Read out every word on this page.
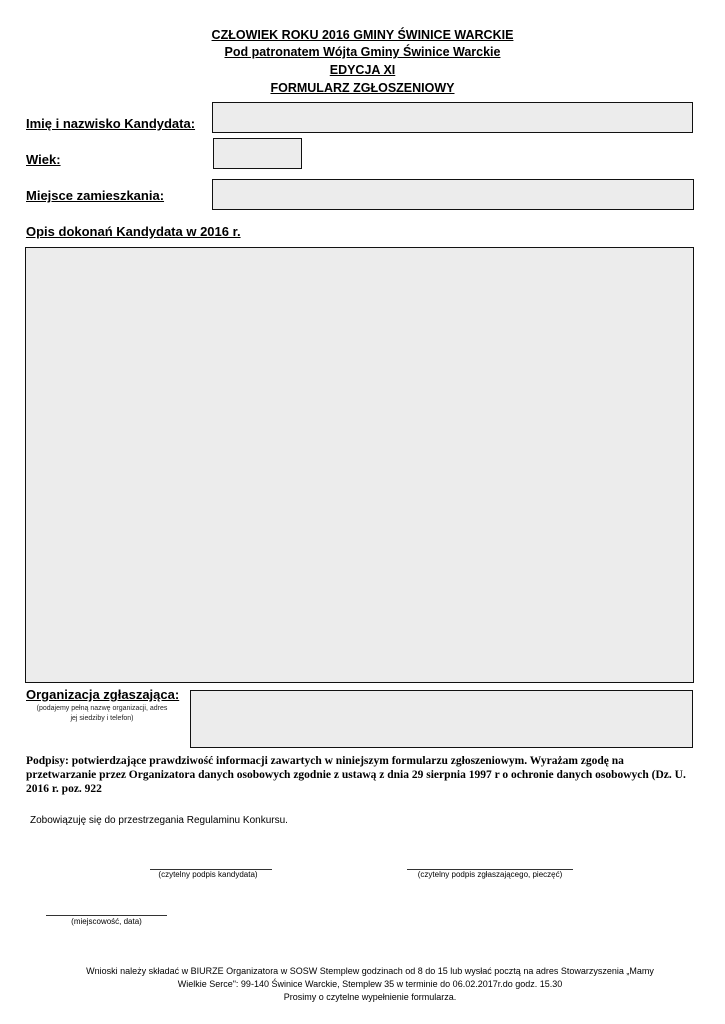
CZŁOWIEK ROKU 2016 GMINY ŚWINICE WARCKIE
Pod patronatem Wójta Gminy Świnice Warckie
EDYCJA XI
FORMULARZ ZGŁOSZENIOWY
Imię i nazwisko Kandydata:
Wiek:
Miejsce zamieszkania:
Opis dokonań Kandydata w 2016 r.
Organizacja zgłaszająca:
(podajemy pełną nazwę organizacji, adres
jej siedziby i telefon)
Podpisy: potwierdzające prawdziwość informacji zawartych w niniejszym formularzu zgłoszeniowym. Wyrażam zgodę na przetwarzanie przez Organizatora danych osobowych zgodnie z ustawą z dnia 29 sierpnia 1997 r o ochronie danych osobowych (Dz. U. 2016 r. poz. 922
Zobowiązuję się do przestrzegania Regulaminu Konkursu.
(czytelny podpis kandydata)	(czytelny podpis zgłaszającego, pieczęć)
(miejscowość, data)
Wnioski należy składać w BIURZE Organizatora w SOSW Stemplew godzinach od 8 do 15 lub wysłać pocztą na adres Stowarzyszenia „Mamy
Wielkie Serce": 99-140 Świnice Warckie, Stemplew 35 w terminie do 06.02.2017r.do godz. 15.30
Prosimy o czytelne wypełnienie formularza.
